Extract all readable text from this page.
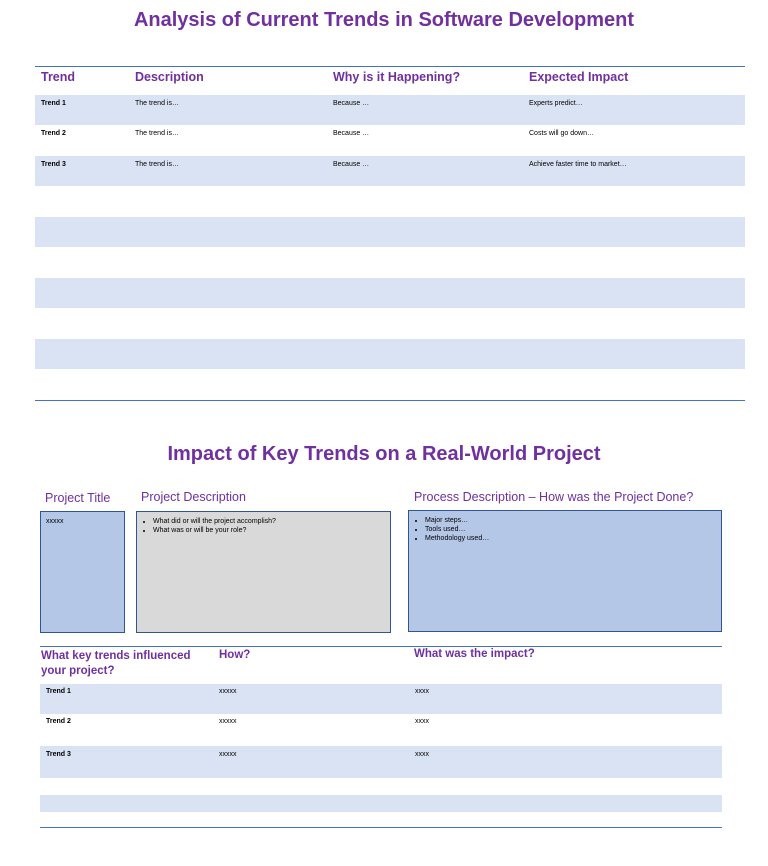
Analysis of Current Trends in Software Development
Trend	Description	Why is it Happening?	Expected Impact
Trend 1	The trend is…	Because …	Experts predict…
Trend 2	The trend is…	Because …	Costs will go down…
Trend 3	The trend is…	Because …	Achieve faster time to market…
Impact of Key Trends on a Real-World Project
Project Title Project Description	Process Description – How was the Project Done?
xxxxx
•	What did or will the project accomplish?
• What was or will be your role?
• Major steps…
• Tools used…
• Methodology used…
What key trends influenced your project?
How?	What was the impact?
Trend 1	xxxxx	xxxx
Trend 2	xxxxx	xxxx
Trend 3	xxxxx	xxxx
